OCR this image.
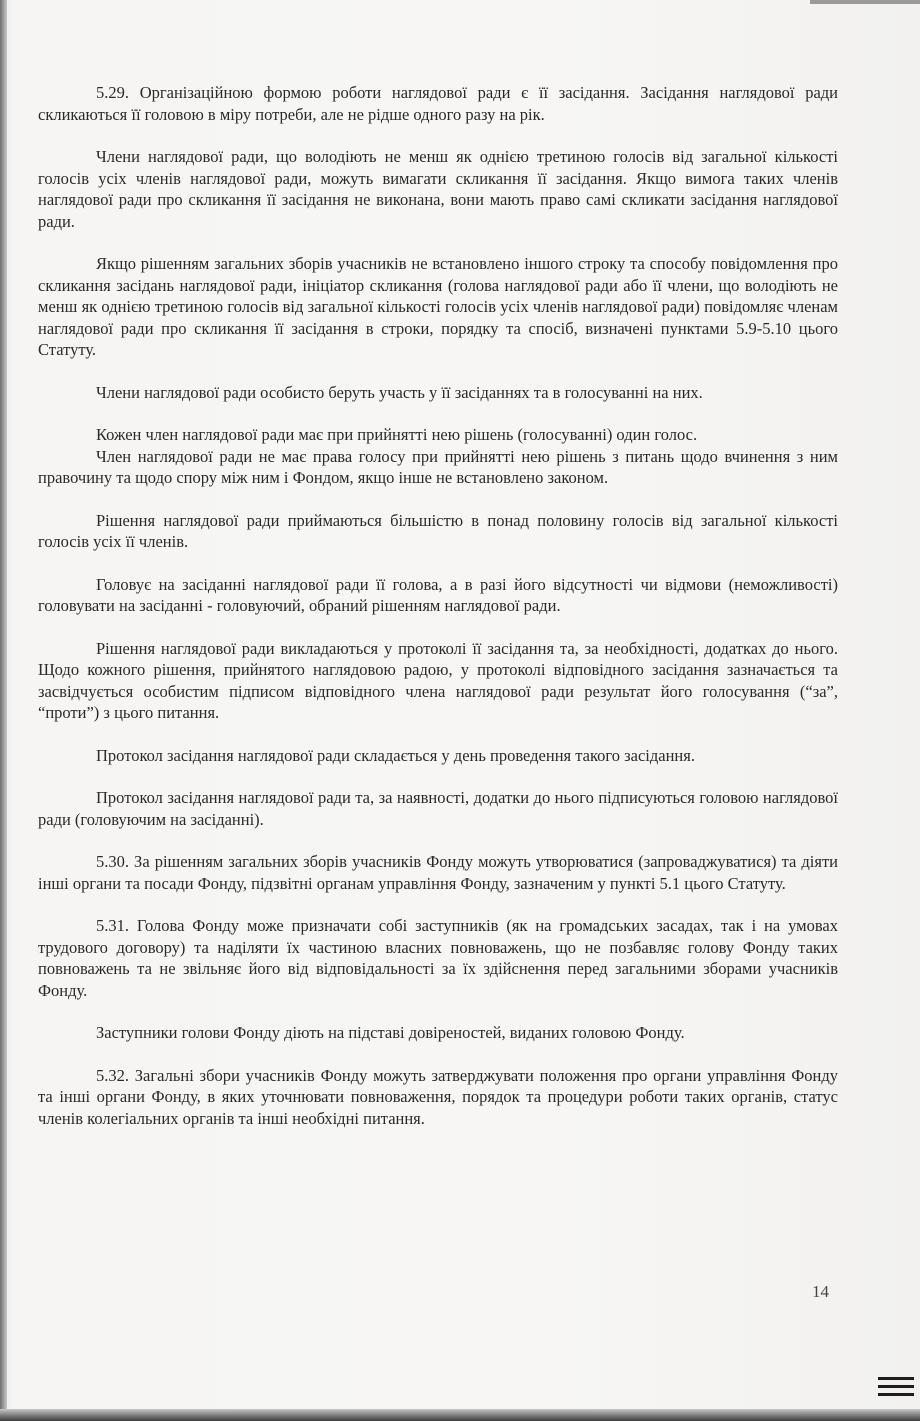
5.29. Організаційною формою роботи наглядової ради є її засідання. Засідання наглядової ради скликаються її головою в міру потреби, але не рідше одного разу на рік.

Члени наглядової ради, що володіють не менш як однією третиною голосів від загальної кількості голосів усіх членів наглядової ради, можуть вимагати скликання її засідання. Якщо вимога таких членів наглядової ради про скликання її засідання не виконана, вони мають право самі скликати засідання наглядової ради.

Якщо рішенням загальних зборів учасників не встановлено іншого строку та способу повідомлення про скликання засідань наглядової ради, ініціатор скликання (голова наглядової ради або її члени, що володіють не менш як однією третиною голосів від загальної кількості голосів усіх членів наглядової ради) повідомляє членам наглядової ради про скликання її засідання в строки, порядку та спосіб, визначені пунктами 5.9-5.10 цього Статуту.

Члени наглядової ради особисто беруть участь у її засіданнях та в голосуванні на них.

Кожен член наглядової ради має при прийнятті нею рішень (голосуванні) один голос.

Член наглядової ради не має права голосу при прийнятті нею рішень з питань щодо вчинення з ним правочину та щодо спору між ним і Фондом, якщо інше не встановлено законом.

Рішення наглядової ради приймаються більшістю в понад половину голосів від загальної кількості голосів усіх її членів.

Головує на засіданні наглядової ради її голова, а в разі його відсутності чи відмови (неможливості) головувати на засіданні - головуючий, обраний рішенням наглядової ради.

Рішення наглядової ради викладаються у протоколі її засідання та, за необхідності, додатках до нього. Щодо кожного рішення, прийнятого наглядовою радою, у протоколі відповідного засідання зазначається та засвідчується особистим підписом відповідного члена наглядової ради результат його голосування (“за”, “проти”) з цього питання.

Протокол засідання наглядової ради складається у день проведення такого засідання.

Протокол засідання наглядової ради та, за наявності, додатки до нього підписуються головою наглядової ради (головуючим на засіданні).

5.30. За рішенням загальних зборів учасників Фонду можуть утворюватися (запроваджуватися) та діяти інші органи та посади Фонду, підзвітні органам управління Фонду, зазначеним у пункті 5.1 цього Статуту.

5.31. Голова Фонду може призначати собі заступників (як на громадських засадах, так і на умовах трудового договору) та наділяти їх частиною власних повноважень, що не позбавляє голову Фонду таких повноважень та не звільняє його від відповідальності за їх здійснення перед загальними зборами учасників Фонду.

Заступники голови Фонду діють на підставі довіреностей, виданих головою Фонду.

5.32. Загальні збори учасників Фонду можуть затверджувати положення про органи управління Фонду та інші органи Фонду, в яких уточнювати повноваження, порядок та процедури роботи таких органів, статус членів колегіальних органів та інші необхідні питання.

14
